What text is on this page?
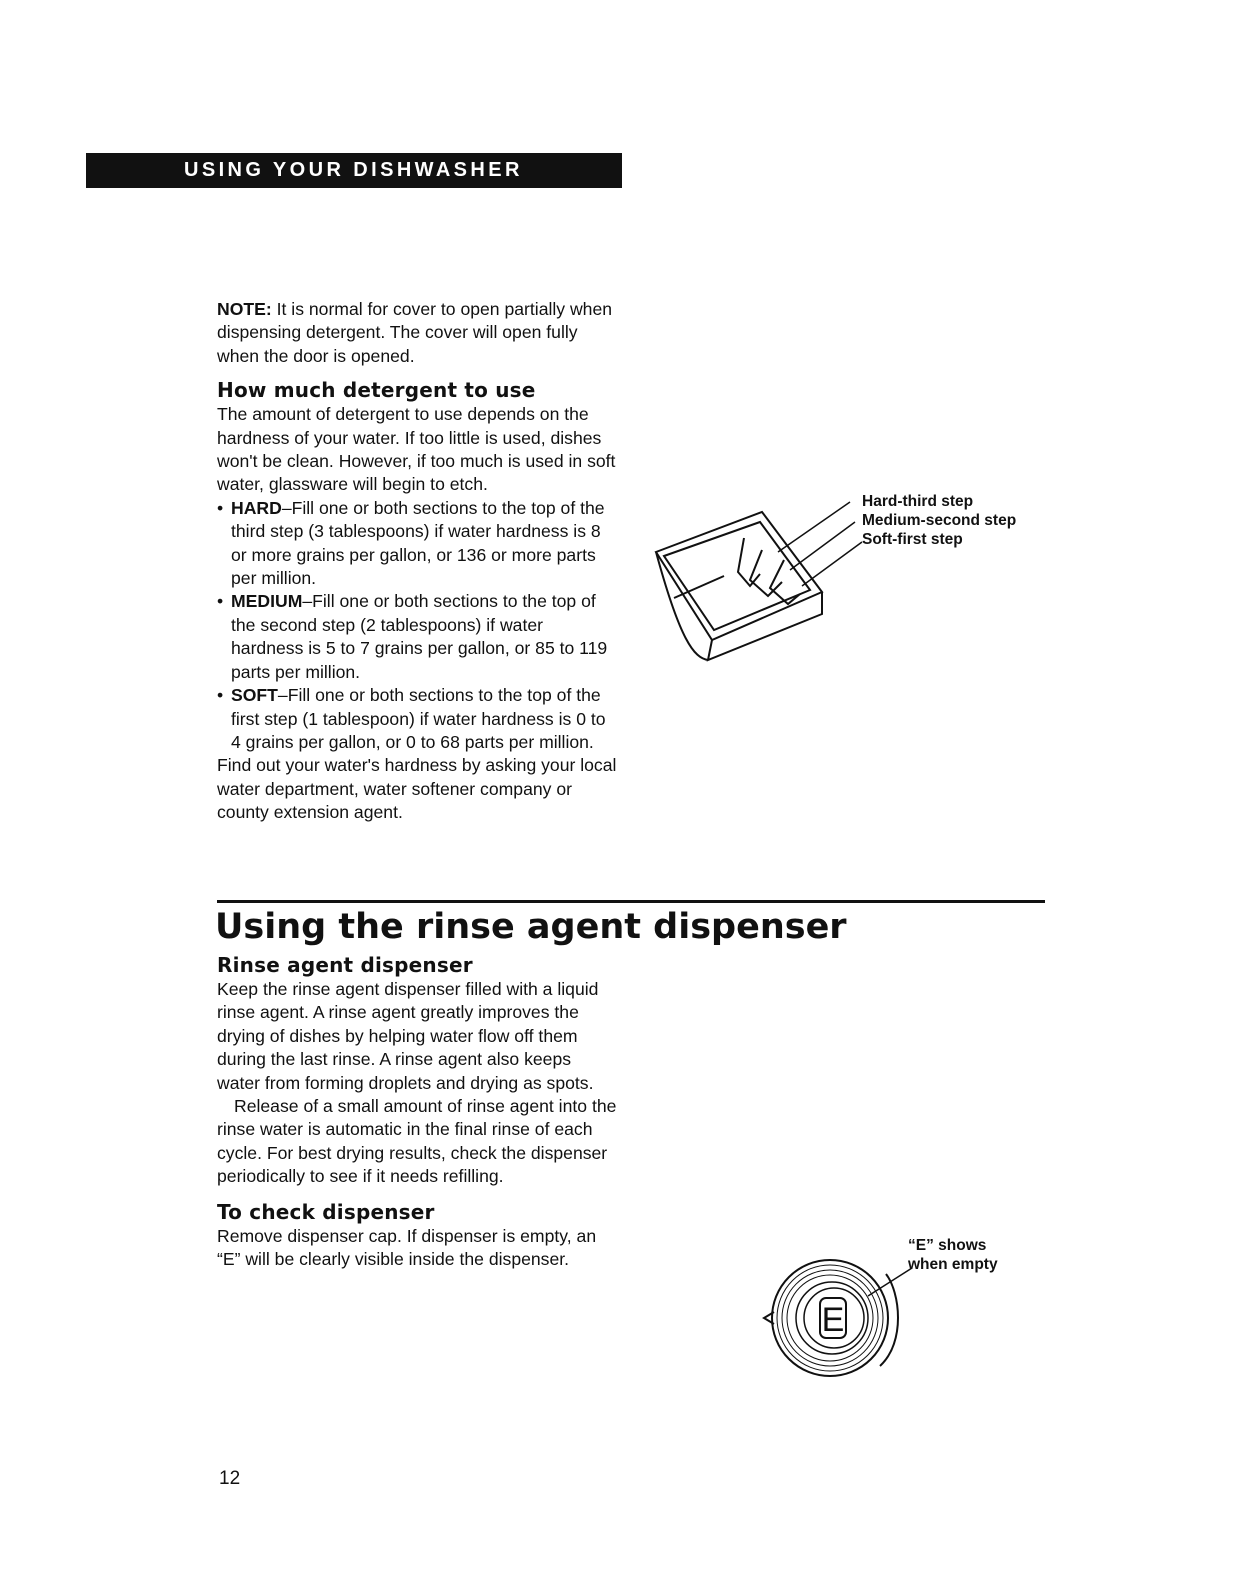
USING YOUR DISHWASHER

NOTE: It is normal for cover to open partially when dispensing detergent. The cover will open fully when the door is opened.

How much detergent to use

The amount of detergent to use depends on the hardness of your water. If too little is used, dishes won't be clean. However, if too much is used in soft water, glassware will begin to etch.

• HARD–Fill one or both sections to the top of the third step (3 tablespoons) if water hardness is 8 or more grains per gallon, or 136 or more parts per million.
• MEDIUM–Fill one or both sections to the top of the second step (2 tablespoons) if water hardness is 5 to 7 grains per gallon, or 85 to 119 parts per million.
• SOFT–Fill one or both sections to the top of the first step (1 tablespoon) if water hardness is 0 to 4 grains per gallon, or 0 to 68 parts per million.

Find out your water's hardness by asking your local water department, water softener company or county extension agent.

Hard-third step
Medium-second step
Soft-first step
Using the rinse agent dispenser
Rinse agent dispenser

Keep the rinse agent dispenser filled with a liquid rinse agent. A rinse agent greatly improves the drying of dishes by helping water flow off them during the last rinse. A rinse agent also keeps water from forming droplets and drying as spots.

Release of a small amount of rinse agent into the rinse water is automatic in the final rinse of each cycle. For best drying results, check the dispenser periodically to see if it needs refilling.

To check dispenser

Remove dispenser cap. If dispenser is empty, an “E” will be clearly visible inside the dispenser.

E
“E” shows
when empty
12
